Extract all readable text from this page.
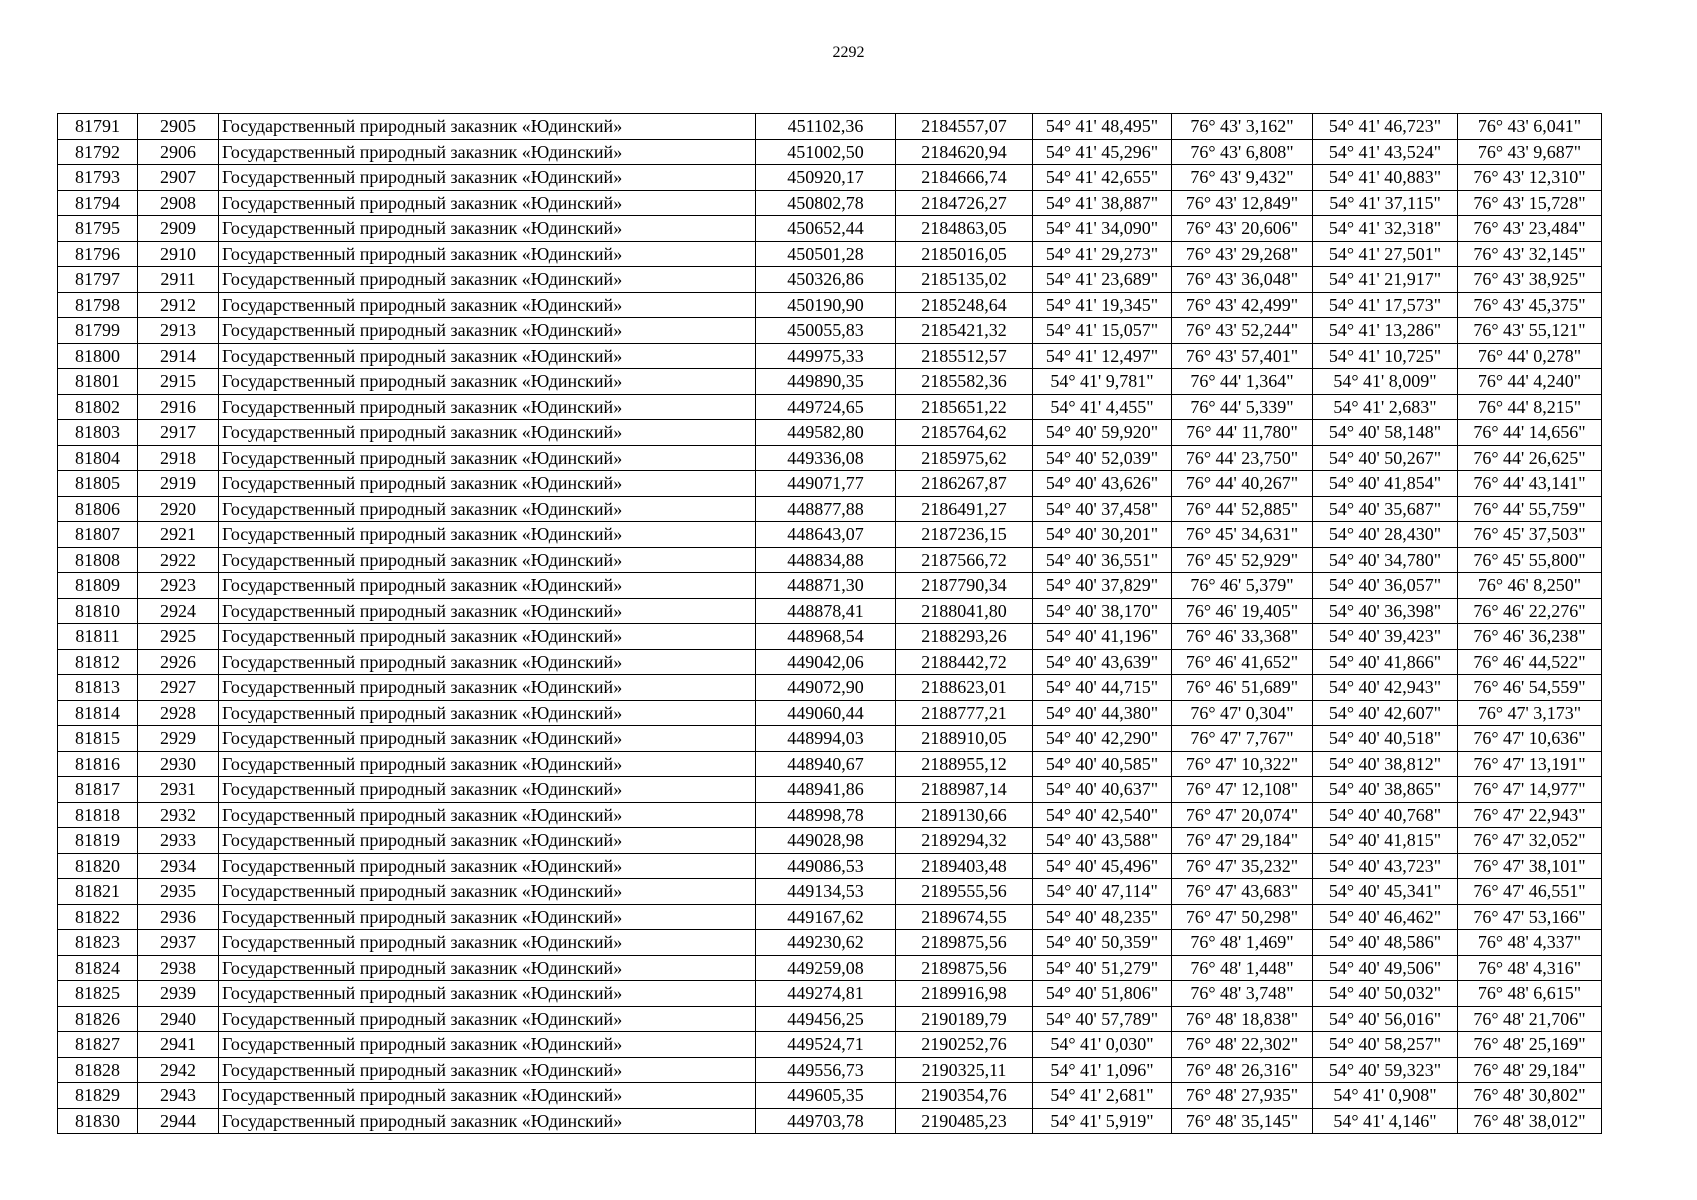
2292
81791	2905	Государственный природный заказник «Юдинский»	451102,36	2184557,07	54° 41' 48,495"	76° 43' 3,162"	54° 41' 46,723"	76° 43' 6,041"
81792	2906	Государственный природный заказник «Юдинский»	451002,50	2184620,94	54° 41' 45,296"	76° 43' 6,808"	54° 41' 43,524"	76° 43' 9,687"
81793	2907	Государственный природный заказник «Юдинский»	450920,17	2184666,74	54° 41' 42,655"	76° 43' 9,432"	54° 41' 40,883"	76° 43' 12,310"
81794	2908	Государственный природный заказник «Юдинский»	450802,78	2184726,27	54° 41' 38,887"	76° 43' 12,849"	54° 41' 37,115"	76° 43' 15,728"
81795	2909	Государственный природный заказник «Юдинский»	450652,44	2184863,05	54° 41' 34,090"	76° 43' 20,606"	54° 41' 32,318"	76° 43' 23,484"
81796	2910	Государственный природный заказник «Юдинский»	450501,28	2185016,05	54° 41' 29,273"	76° 43' 29,268"	54° 41' 27,501"	76° 43' 32,145"
81797	2911	Государственный природный заказник «Юдинский»	450326,86	2185135,02	54° 41' 23,689"	76° 43' 36,048"	54° 41' 21,917"	76° 43' 38,925"
81798	2912	Государственный природный заказник «Юдинский»	450190,90	2185248,64	54° 41' 19,345"	76° 43' 42,499"	54° 41' 17,573"	76° 43' 45,375"
81799	2913	Государственный природный заказник «Юдинский»	450055,83	2185421,32	54° 41' 15,057"	76° 43' 52,244"	54° 41' 13,286"	76° 43' 55,121"
81800	2914	Государственный природный заказник «Юдинский»	449975,33	2185512,57	54° 41' 12,497"	76° 43' 57,401"	54° 41' 10,725"	76° 44' 0,278"
81801	2915	Государственный природный заказник «Юдинский»	449890,35	2185582,36	54° 41' 9,781"	76° 44' 1,364"	54° 41' 8,009"	76° 44' 4,240"
81802	2916	Государственный природный заказник «Юдинский»	449724,65	2185651,22	54° 41' 4,455"	76° 44' 5,339"	54° 41' 2,683"	76° 44' 8,215"
81803	2917	Государственный природный заказник «Юдинский»	449582,80	2185764,62	54° 40' 59,920"	76° 44' 11,780"	54° 40' 58,148"	76° 44' 14,656"
81804	2918	Государственный природный заказник «Юдинский»	449336,08	2185975,62	54° 40' 52,039"	76° 44' 23,750"	54° 40' 50,267"	76° 44' 26,625"
81805	2919	Государственный природный заказник «Юдинский»	449071,77	2186267,87	54° 40' 43,626"	76° 44' 40,267"	54° 40' 41,854"	76° 44' 43,141"
81806	2920	Государственный природный заказник «Юдинский»	448877,88	2186491,27	54° 40' 37,458"	76° 44' 52,885"	54° 40' 35,687"	76° 44' 55,759"
81807	2921	Государственный природный заказник «Юдинский»	448643,07	2187236,15	54° 40' 30,201"	76° 45' 34,631"	54° 40' 28,430"	76° 45' 37,503"
81808	2922	Государственный природный заказник «Юдинский»	448834,88	2187566,72	54° 40' 36,551"	76° 45' 52,929"	54° 40' 34,780"	76° 45' 55,800"
81809	2923	Государственный природный заказник «Юдинский»	448871,30	2187790,34	54° 40' 37,829"	76° 46' 5,379"	54° 40' 36,057"	76° 46' 8,250"
81810	2924	Государственный природный заказник «Юдинский»	448878,41	2188041,80	54° 40' 38,170"	76° 46' 19,405"	54° 40' 36,398"	76° 46' 22,276"
81811	2925	Государственный природный заказник «Юдинский»	448968,54	2188293,26	54° 40' 41,196"	76° 46' 33,368"	54° 40' 39,423"	76° 46' 36,238"
81812	2926	Государственный природный заказник «Юдинский»	449042,06	2188442,72	54° 40' 43,639"	76° 46' 41,652"	54° 40' 41,866"	76° 46' 44,522"
81813	2927	Государственный природный заказник «Юдинский»	449072,90	2188623,01	54° 40' 44,715"	76° 46' 51,689"	54° 40' 42,943"	76° 46' 54,559"
81814	2928	Государственный природный заказник «Юдинский»	449060,44	2188777,21	54° 40' 44,380"	76° 47' 0,304"	54° 40' 42,607"	76° 47' 3,173"
81815	2929	Государственный природный заказник «Юдинский»	448994,03	2188910,05	54° 40' 42,290"	76° 47' 7,767"	54° 40' 40,518"	76° 47' 10,636"
81816	2930	Государственный природный заказник «Юдинский»	448940,67	2188955,12	54° 40' 40,585"	76° 47' 10,322"	54° 40' 38,812"	76° 47' 13,191"
81817	2931	Государственный природный заказник «Юдинский»	448941,86	2188987,14	54° 40' 40,637"	76° 47' 12,108"	54° 40' 38,865"	76° 47' 14,977"
81818	2932	Государственный природный заказник «Юдинский»	448998,78	2189130,66	54° 40' 42,540"	76° 47' 20,074"	54° 40' 40,768"	76° 47' 22,943"
81819	2933	Государственный природный заказник «Юдинский»	449028,98	2189294,32	54° 40' 43,588"	76° 47' 29,184"	54° 40' 41,815"	76° 47' 32,052"
81820	2934	Государственный природный заказник «Юдинский»	449086,53	2189403,48	54° 40' 45,496"	76° 47' 35,232"	54° 40' 43,723"	76° 47' 38,101"
81821	2935	Государственный природный заказник «Юдинский»	449134,53	2189555,56	54° 40' 47,114"	76° 47' 43,683"	54° 40' 45,341"	76° 47' 46,551"
81822	2936	Государственный природный заказник «Юдинский»	449167,62	2189674,55	54° 40' 48,235"	76° 47' 50,298"	54° 40' 46,462"	76° 47' 53,166"
81823	2937	Государственный природный заказник «Юдинский»	449230,62	2189875,56	54° 40' 50,359"	76° 48' 1,469"	54° 40' 48,586"	76° 48' 4,337"
81824	2938	Государственный природный заказник «Юдинский»	449259,08	2189875,56	54° 40' 51,279"	76° 48' 1,448"	54° 40' 49,506"	76° 48' 4,316"
81825	2939	Государственный природный заказник «Юдинский»	449274,81	2189916,98	54° 40' 51,806"	76° 48' 3,748"	54° 40' 50,032"	76° 48' 6,615"
81826	2940	Государственный природный заказник «Юдинский»	449456,25	2190189,79	54° 40' 57,789"	76° 48' 18,838"	54° 40' 56,016"	76° 48' 21,706"
81827	2941	Государственный природный заказник «Юдинский»	449524,71	2190252,76	54° 41' 0,030"	76° 48' 22,302"	54° 40' 58,257"	76° 48' 25,169"
81828	2942	Государственный природный заказник «Юдинский»	449556,73	2190325,11	54° 41' 1,096"	76° 48' 26,316"	54° 40' 59,323"	76° 48' 29,184"
81829	2943	Государственный природный заказник «Юдинский»	449605,35	2190354,76	54° 41' 2,681"	76° 48' 27,935"	54° 41' 0,908"	76° 48' 30,802"
81830	2944	Государственный природный заказник «Юдинский»	449703,78	2190485,23	54° 41' 5,919"	76° 48' 35,145"	54° 41' 4,146"	76° 48' 38,012"
